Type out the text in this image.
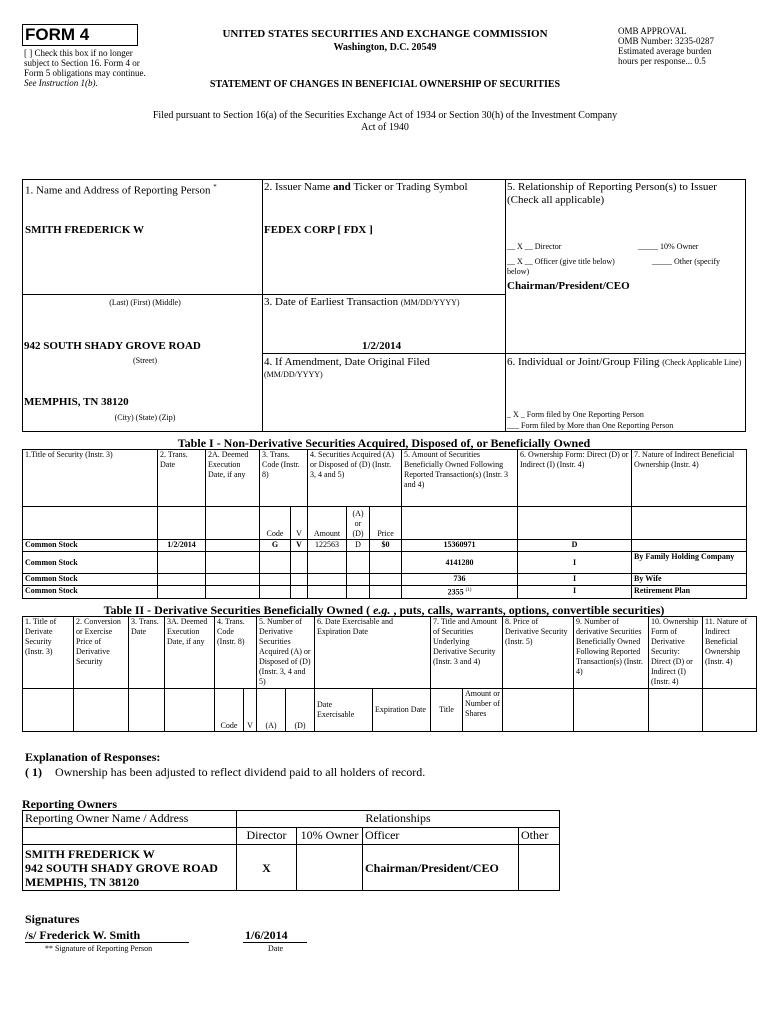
FORM 4
[ ] Check this box if no longer subject to Section 16. Form 4 or Form 5 obligations may continue. See Instruction 1(b).
UNITED STATES SECURITIES AND EXCHANGE COMMISSION
Washington, D.C. 20549
STATEMENT OF CHANGES IN BENEFICIAL OWNERSHIP OF SECURITIES
OMB APPROVAL
OMB Number: 3235-0287
Estimated average burden
hours per response... 0.5
Filed pursuant to Section 16(a) of the Securities Exchange Act of 1934 or Section 30(h) of the Investment Company Act of 1940
1. Name and Address of Reporting Person *
SMITH FREDERICK W
(Last) (First) (Middle)
942 SOUTH SHADY GROVE ROAD
(Street)
MEMPHIS, TN 38120
(City) (State) (Zip)
2. Issuer Name and Ticker or Trading Symbol
FEDEX CORP [ FDX ]
3. Date of Earliest Transaction (MM/DD/YYYY)
1/2/2014
4. If Amendment, Date Original Filed
(MM/DD/YYYY)
5. Relationship of Reporting Person(s) to Issuer
(Check all applicable)
__ X __ Director	_____ 10% Owner
__ X __ Officer (give title below)	_____ Other (specify below)
Chairman/President/CEO
6. Individual or Joint/Group Filing (Check Applicable Line)
_ X _ Form filed by One Reporting Person
___ Form filed by More than One Reporting Person
Table I - Non-Derivative Securities Acquired, Disposed of, or Beneficially Owned
1.Title of Security (Instr. 3)	2. Trans. Date	2A. Deemed Execution Date, if any	3. Trans. Code (Instr. 8)		4. Securities Acquired (A) or Disposed of (D) (Instr. 3, 4 and 5)			5. Amount of Securities Beneficially Owned Following Reported Transaction(s) (Instr. 3 and 4)	6. Ownership Form: Direct (D) or Indirect (I) (Instr. 4)	7. Nature of Indirect Beneficial Ownership (Instr. 4)
			Code	V	Amount	(A) or (D)	Price			
Common Stock	1/2/2014		G	V	122563	D	$0	15360971	D	
Common Stock								4141280	I	By Family Holding Company
Common Stock								736	I	By Wife
Common Stock								2355 $^{(1)}$	I	Retirement Plan
Table II - Derivative Securities Beneficially Owned ( e.g. , puts, calls, warrants, options, convertible securities)
1. Title of Derivate Security (Instr. 3)	2. Conversion or Exercise Price of Derivative Security	3. Trans. Date	3A. Deemed Execution Date, if any	4. Trans. Code (Instr. 8)		5. Number of Derivative Securities Acquired (A) or Disposed of (D) (Instr. 3, 4 and 5)		6. Date Exercisable and Expiration Date		7. Title and Amount of Securities Underlying Derivative Security (Instr. 3 and 4)		8. Price of Derivative Security (Instr. 5)	9. Number of derivative Securities Beneficially Owned Following Reported Transaction(s) (Instr. 4)	10. Ownership Form of Derivative Security: Direct (D) or Indirect (I) (Instr. 4)	11. Nature of Indirect Beneficial Ownership (Instr. 4)
				Code	V	(A)	(D)	Date Exercisable	Expiration Date	Title	Amount or Number of Shares				
Explanation of Responses:
( 1) Ownership has been adjusted to reflect dividend paid to all holders of record.
Reporting Owners
Reporting Owner Name / Address	Relationships			
	Director	10% Owner	Officer	Other

SMITH FREDERICK W
942 SOUTH SHADY GROVE ROAD
MEMPHIS, TN 38120	X		Chairman/President/CEO	
Signatures
/s/ Frederick W. Smith
** Signature of Reporting Person
1/6/2014
Date
